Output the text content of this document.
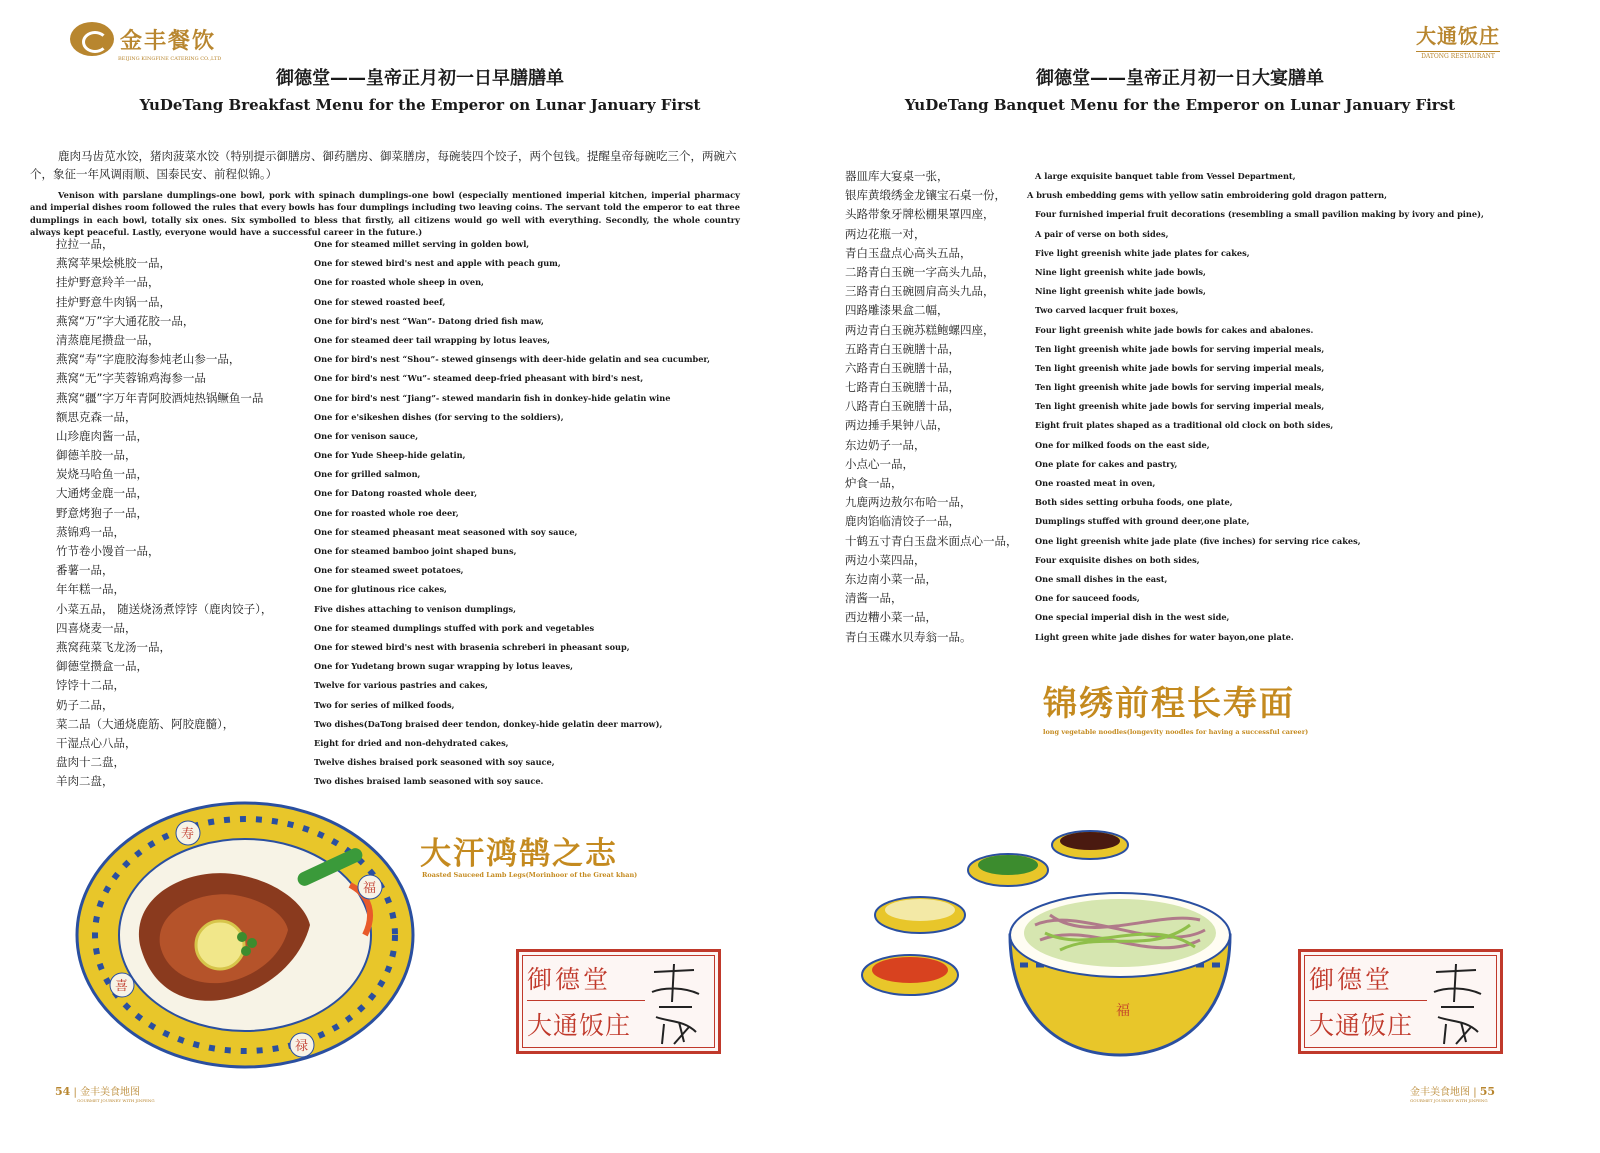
金丰餐饮
BEIJING KINGFINE CATERING CO.,LTD
御德堂——皇帝正月初一日早膳膳单
YuDeTang Breakfast Menu for the Emperor on Lunar January First

鹿肉马齿苋水饺，猪肉菠菜水饺（特别提示御膳房、御药膳房、御菜膳房，每碗装四个饺子，两个包钱。提醒皇帝每碗吃三个，两碗六个，象征一年风调雨顺、国泰民安、前程似锦。）

Venison with parslane dumplings-one bowl, pork with spinach dumplings-one bowl (especially mentioned imperial kitchen, imperial pharmacy and imperial dishes room followed the rules that every bowls has four dumplings including two leaving coins. The servant told the emperor to eat three dumplings in each bowl, totally six ones. Six symbolled to bless that firstly, all citizens would go well with everything. Secondly, the whole country always kept peaceful. Lastly, everyone would have a successful career in the future.)

拉拉一品，	One for steamed millet serving in golden bowl,
燕窝苹果烩桃胶一品，	One for stewed bird's nest and apple with peach gum,
挂炉野意羚羊一品，	One for roasted whole sheep in oven,
挂炉野意牛肉锅一品，	One for stewed roasted beef,
燕窝“万”字大通花胶一品，	One for bird's nest “Wan”- Datong dried fish maw,
清蒸鹿尾攒盘一品，	One for steamed deer tail wrapping by lotus leaves,
燕窝“寿”字鹿胶海参炖老山参一品，	One for bird's nest “Shou”- stewed ginsengs with deer-hide gelatin and sea cucumber,
燕窝“无”字芙蓉锦鸡海参一品	One for bird's nest “Wu”- steamed deep-fried pheasant with bird's nest,
燕窝“疆”字万年青阿胶酒炖热锅鳜鱼一品	One for bird's nest “Jiang”- stewed mandarin fish in donkey-hide gelatin wine
额思克森一品，	One for e'sikeshen dishes (for serving to the soldiers),
山珍鹿肉酱一品，	One for venison sauce,
御德羊胶一品，	One for Yude Sheep-hide gelatin,
炭烧马哈鱼一品，	One for grilled salmon,
大通烤金鹿一品，	One for Datong roasted whole deer,
野意烤狍子一品，	One for roasted whole roe deer,
蒸锦鸡一品，	One for steamed pheasant meat seasoned with soy sauce,
竹节卷小馒首一品，	One for steamed bamboo joint shaped buns,
番薯一品，	One for steamed sweet potatoes,
年年糕一品，	One for glutinous rice cakes,
小菜五品， 随送烧汤煮饽饽（鹿肉饺子），	Five dishes attaching to venison dumplings,
四喜烧麦一品，	One for steamed dumplings stuffed with pork and vegetables
燕窝莼菜飞龙汤一品，	One for stewed bird's nest with brasenia schreberi in pheasant soup,
御德堂攒盒一品，	One for Yudetang brown sugar wrapping by lotus leaves,
饽饽十二品，	Twelve for various pastries and cakes,
奶子二品，	Two for series of milked foods,
菜二品（大通烧鹿筋、阿胶鹿髓），	Two dishes(DaTong braised deer tendon, donkey-hide gelatin deer marrow),
干湿点心八品，	Eight for dried and non-dehydrated cakes,
盘肉十二盘，	Twelve dishes braised pork seasoned with soy sauce,
羊肉二盘，	Two dishes braised lamb seasoned with soy sauce.
寿
福
喜
禄
大汗鸿鹄之志
Roasted Sauceed Lamb Legs(Morinhoor of the Great khan)
御德堂
大通饭庄
54 | 金丰美食地图
GOURMET JOURNEY WITH JINFENG
大通饭庄
DATONG RESTAURANT
御德堂——皇帝正月初一日大宴膳单
YuDeTang Banquet Menu for the Emperor on Lunar January First
器皿库大宴桌一张，	A large exquisite banquet table from Vessel Department,
银库黄缎绣金龙镶宝石桌一份，	A brush embedding gems with yellow satin embroidering gold dragon pattern,
头路带象牙牌松棚果罩四座，	Four furnished imperial fruit decorations (resembling a small pavilion making by ivory and pine),
两边花瓶一对，	A pair of verse on both sides,
青白玉盘点心高头五品，	Five light greenish white jade plates for cakes,
二路青白玉碗一字高头九品，	Nine light greenish white jade bowls,
三路青白玉碗圆肩高头九品，	Nine light greenish white jade bowls,
四路雕漆果盒二幅，	Two carved lacquer fruit boxes,
两边青白玉碗苏糕鲍螺四座，	Four light greenish white jade bowls for cakes and abalones.
五路青白玉碗膳十品，	Ten light greenish white jade bowls for serving imperial meals,
六路青白玉碗膳十品，	Ten light greenish white jade bowls for serving imperial meals,
七路青白玉碗膳十品，	Ten light greenish white jade bowls for serving imperial meals,
八路青白玉碗膳十品，	Ten light greenish white jade bowls for serving imperial meals,
两边捶手果钟八品，	Eight fruit plates shaped as a traditional old clock on both sides,
东边奶子一品，	One for milked foods on the east side,
小点心一品，	One plate for cakes and pastry,
炉食一品，	One roasted meat in oven,
九鹿两边敖尔布哈一品，	Both sides setting orbuha foods, one plate,
鹿肉馅临清饺子一品，	Dumplings stuffed with ground deer,one plate,
十鹤五寸青白玉盘米面点心一品， One light greenish white jade plate (five inches) for serving rice cakes,
两边小菜四品，	Four exquisite dishes on both sides,
东边南小菜一品，	One small dishes in the east,
清酱一品，	One for sauceed foods,
西边糟小菜一品，	One special imperial dish in the west side,
青白玉碟水贝寿翁一品。	Light green white jade dishes for water bayon,one plate.
锦绣前程长寿面
long vegetable noodles(longevity noodles for having a successful career)
福
御德堂
大通饭庄
金丰美食地图 | 55
GOURMET JOURNEY WITH JINFENG
